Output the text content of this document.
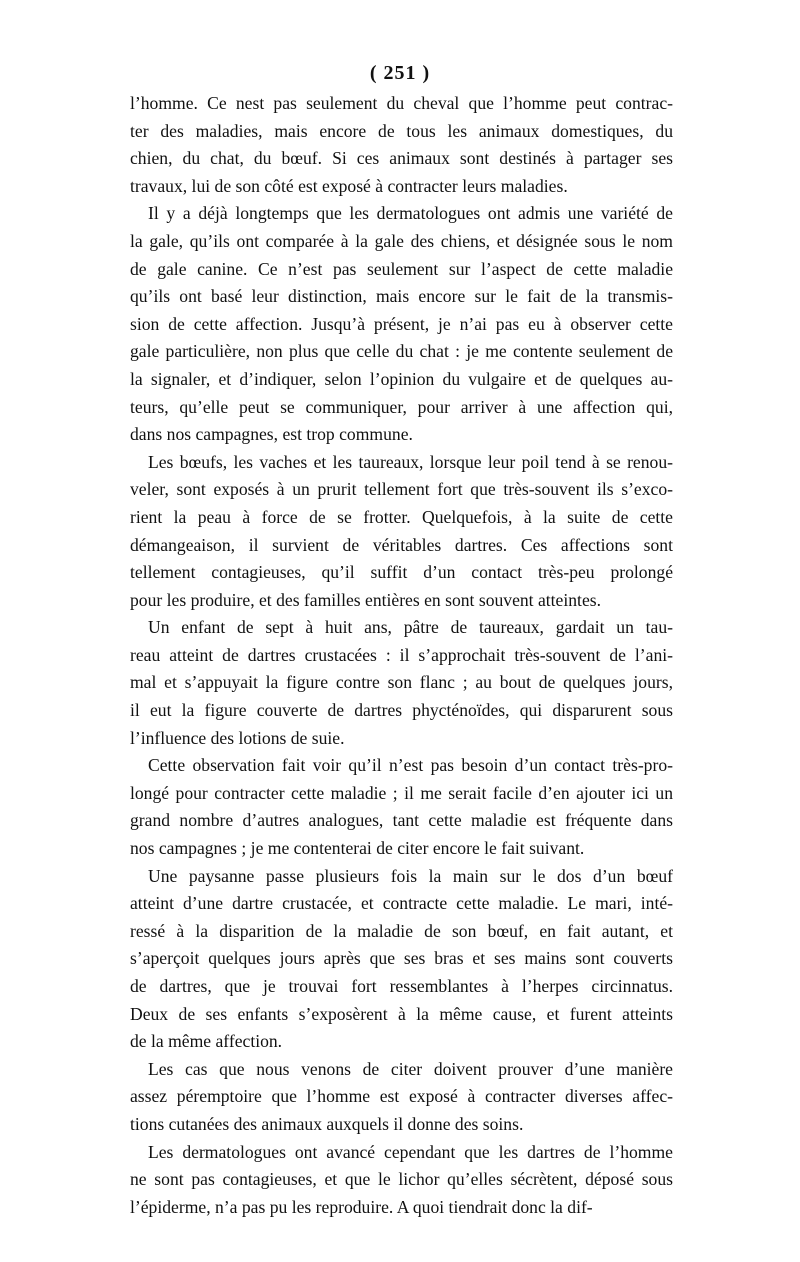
( 251 )
l’homme. Ce nest pas seulement du cheval que l’homme peut contrac-
ter des maladies, mais encore de tous les animaux domestiques, du
chien, du chat, du bœuf. Si ces animaux sont destinés à partager ses
travaux, lui de son côté est exposé à contracter leurs maladies.
Il y a déjà longtemps que les dermatologues ont admis une variété de
la gale, qu’ils ont comparée à la gale des chiens, et désignée sous le nom
de gale canine. Ce n’est pas seulement sur l’aspect de cette maladie
qu’ils ont basé leur distinction, mais encore sur le fait de la transmis-
sion de cette affection. Jusqu’à présent, je n’ai pas eu à observer cette
gale particulière, non plus que celle du chat : je me contente seulement de
la signaler, et d’indiquer, selon l’opinion du vulgaire et de quelques au-
teurs, qu’elle peut se communiquer, pour arriver à une affection qui,
dans nos campagnes, est trop commune.
Les bœufs, les vaches et les taureaux, lorsque leur poil tend à se renou-
veler, sont exposés à un prurit tellement fort que très-souvent ils s’exco-
rient la peau à force de se frotter. Quelquefois, à la suite de cette
démangeaison, il survient de véritables dartres. Ces affections sont
tellement contagieuses, qu’il suffit d’un contact très-peu prolongé
pour les produire, et des familles entières en sont souvent atteintes.
Un enfant de sept à huit ans, pâtre de taureaux, gardait un tau-
reau atteint de dartres crustacées : il s’approchait très-souvent de l’ani-
mal et s’appuyait la figure contre son flanc ; au bout de quelques jours,
il eut la figure couverte de dartres phycténoïdes, qui disparurent sous
l’influence des lotions de suie.
Cette observation fait voir qu’il n’est pas besoin d’un contact très-pro-
longé pour contracter cette maladie ; il me serait facile d’en ajouter ici un
grand nombre d’autres analogues, tant cette maladie est fréquente dans
nos campagnes ; je me contenterai de citer encore le fait suivant.
Une paysanne passe plusieurs fois la main sur le dos d’un bœuf
atteint d’une dartre crustacée, et contracte cette maladie. Le mari, inté-
ressé à la disparition de la maladie de son bœuf, en fait autant, et
s’aperçoit quelques jours après que ses bras et ses mains sont couverts
de dartres, que je trouvai fort ressemblantes à l’herpes circinnatus.
Deux de ses enfants s’exposèrent à la même cause, et furent atteints
de la même affection.
Les cas que nous venons de citer doivent prouver d’une manière
assez péremptoire que l’homme est exposé à contracter diverses affec-
tions cutanées des animaux auxquels il donne des soins.
Les dermatologues ont avancé cependant que les dartres de l’homme
ne sont pas contagieuses, et que le lichor qu’elles sécrètent, déposé sous
l’épiderme, n’a pas pu les reproduire. A quoi tiendrait donc la dif-
